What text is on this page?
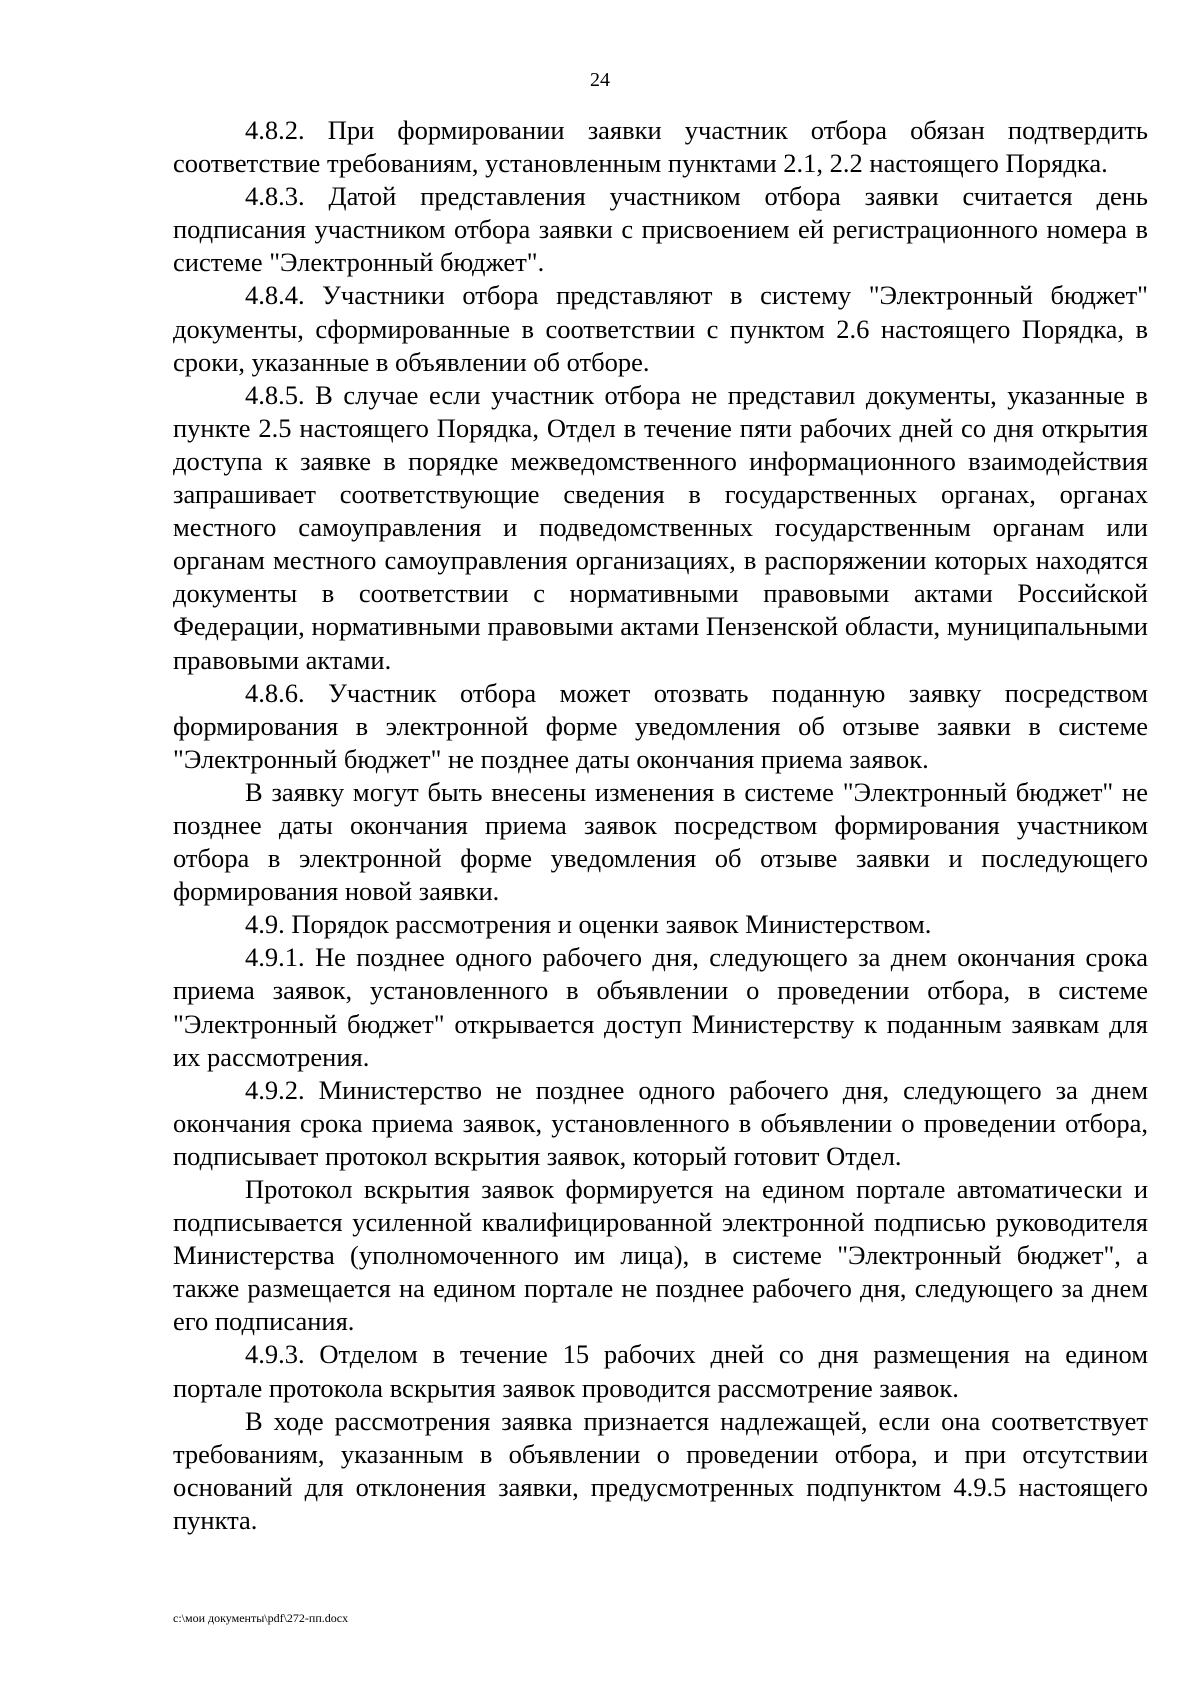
24

4.8.2. При формировании заявки участник отбора обязан подтвердить соответствие требованиям, установленным пунктами 2.1, 2.2 настоящего Порядка.

4.8.3. Датой представления участником отбора заявки считается день подписания участником отбора заявки с присвоением ей регистрационного номера в системе "Электронный бюджет".

4.8.4. Участники отбора представляют в систему "Электронный бюджет" документы, сформированные в соответствии с пунктом 2.6 настоящего Порядка, в сроки, указанные в объявлении об отборе.

4.8.5. В случае если участник отбора не представил документы, указанные в пункте 2.5 настоящего Порядка, Отдел в течение пяти рабочих дней со дня открытия доступа к заявке в порядке межведомственного информационного взаимодействия запрашивает соответствующие сведения в государственных органах, органах местного самоуправления и подведомственных государственным органам или органам местного самоуправления организациях, в распоряжении которых находятся документы в соответствии с нормативными правовыми актами Российской Федерации, нормативными правовыми актами Пензенской области, муниципальными правовыми актами.

4.8.6. Участник отбора может отозвать поданную заявку посредством формирования в электронной форме уведомления об отзыве заявки в системе "Электронный бюджет" не позднее даты окончания приема заявок.

В заявку могут быть внесены изменения в системе "Электронный бюджет" не позднее даты окончания приема заявок посредством формирования участником отбора в электронной форме уведомления об отзыве заявки и последующего формирования новой заявки.

4.9. Порядок рассмотрения и оценки заявок Министерством.

4.9.1. Не позднее одного рабочего дня, следующего за днем окончания срока приема заявок, установленного в объявлении о проведении отбора, в системе "Электронный бюджет" открывается доступ Министерству к поданным заявкам для их рассмотрения.

4.9.2. Министерство не позднее одного рабочего дня, следующего за днем окончания срока приема заявок, установленного в объявлении о проведении отбора, подписывает протокол вскрытия заявок, который готовит Отдел.

Протокол вскрытия заявок формируется на едином портале автоматически и подписывается усиленной квалифицированной электронной подписью руководителя Министерства (уполномоченного им лица), в системе "Электронный бюджет", а также размещается на едином портале не позднее рабочего дня, следующего за днем его подписания.

4.9.3. Отделом в течение 15 рабочих дней со дня размещения на едином портале протокола вскрытия заявок проводится рассмотрение заявок.

В ходе рассмотрения заявка признается надлежащей, если она соответствует требованиям, указанным в объявлении о проведении отбора, и при отсутствии оснований для отклонения заявки, предусмотренных подпунктом 4.9.5 настоящего пункта.

c:\мои документы\pdf\272-пп.docx
